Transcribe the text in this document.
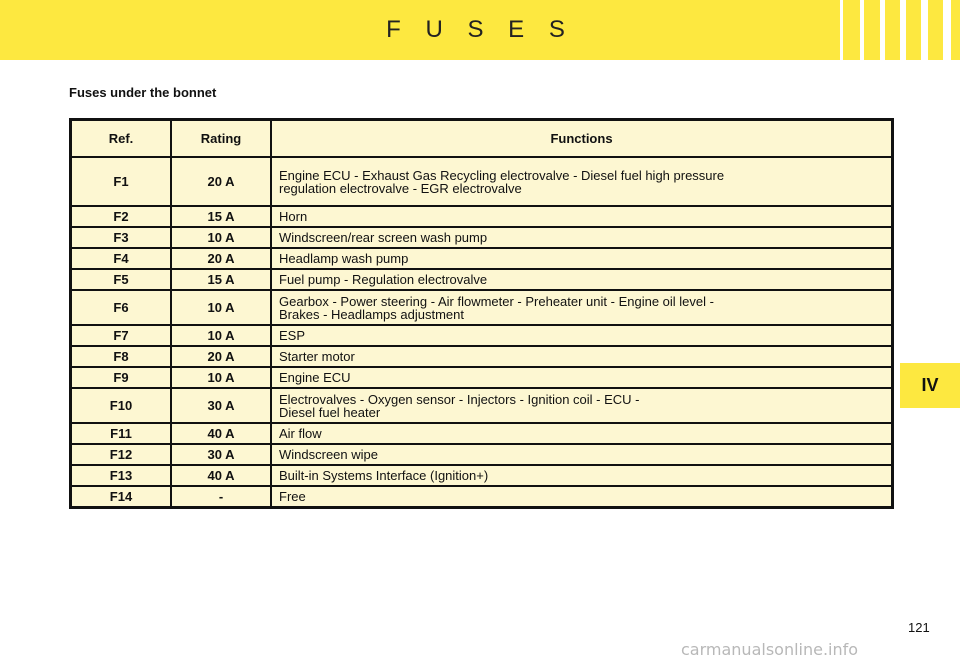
F U S E S
Fuses under the bonnet
Ref.	Rating	Functions
F1	20 A	Engine ECU - Exhaust Gas Recycling electrovalve - Diesel fuel high pressure
regulation electrovalve - EGR electrovalve
F2	15 A	Horn
F3	10 A	Windscreen/rear screen wash pump
F4	20 A	Headlamp wash pump
F5	15 A	Fuel pump - Regulation electrovalve
F6	10 A	Gearbox - Power steering - Air flowmeter - Preheater unit - Engine oil level -
Brakes - Headlamps adjustment
F7	10 A	ESP
F8	20 A	Starter motor
F9	10 A	Engine ECU
F10	30 A	Electrovalves - Oxygen sensor - Injectors - Ignition coil - ECU -
Diesel fuel heater
F11	40 A	Air flow
F12	30 A	Windscreen wipe
F13	40 A	Built-in Systems Interface (Ignition+)
F14	-	Free
IV
121
carmanualsonline.info
